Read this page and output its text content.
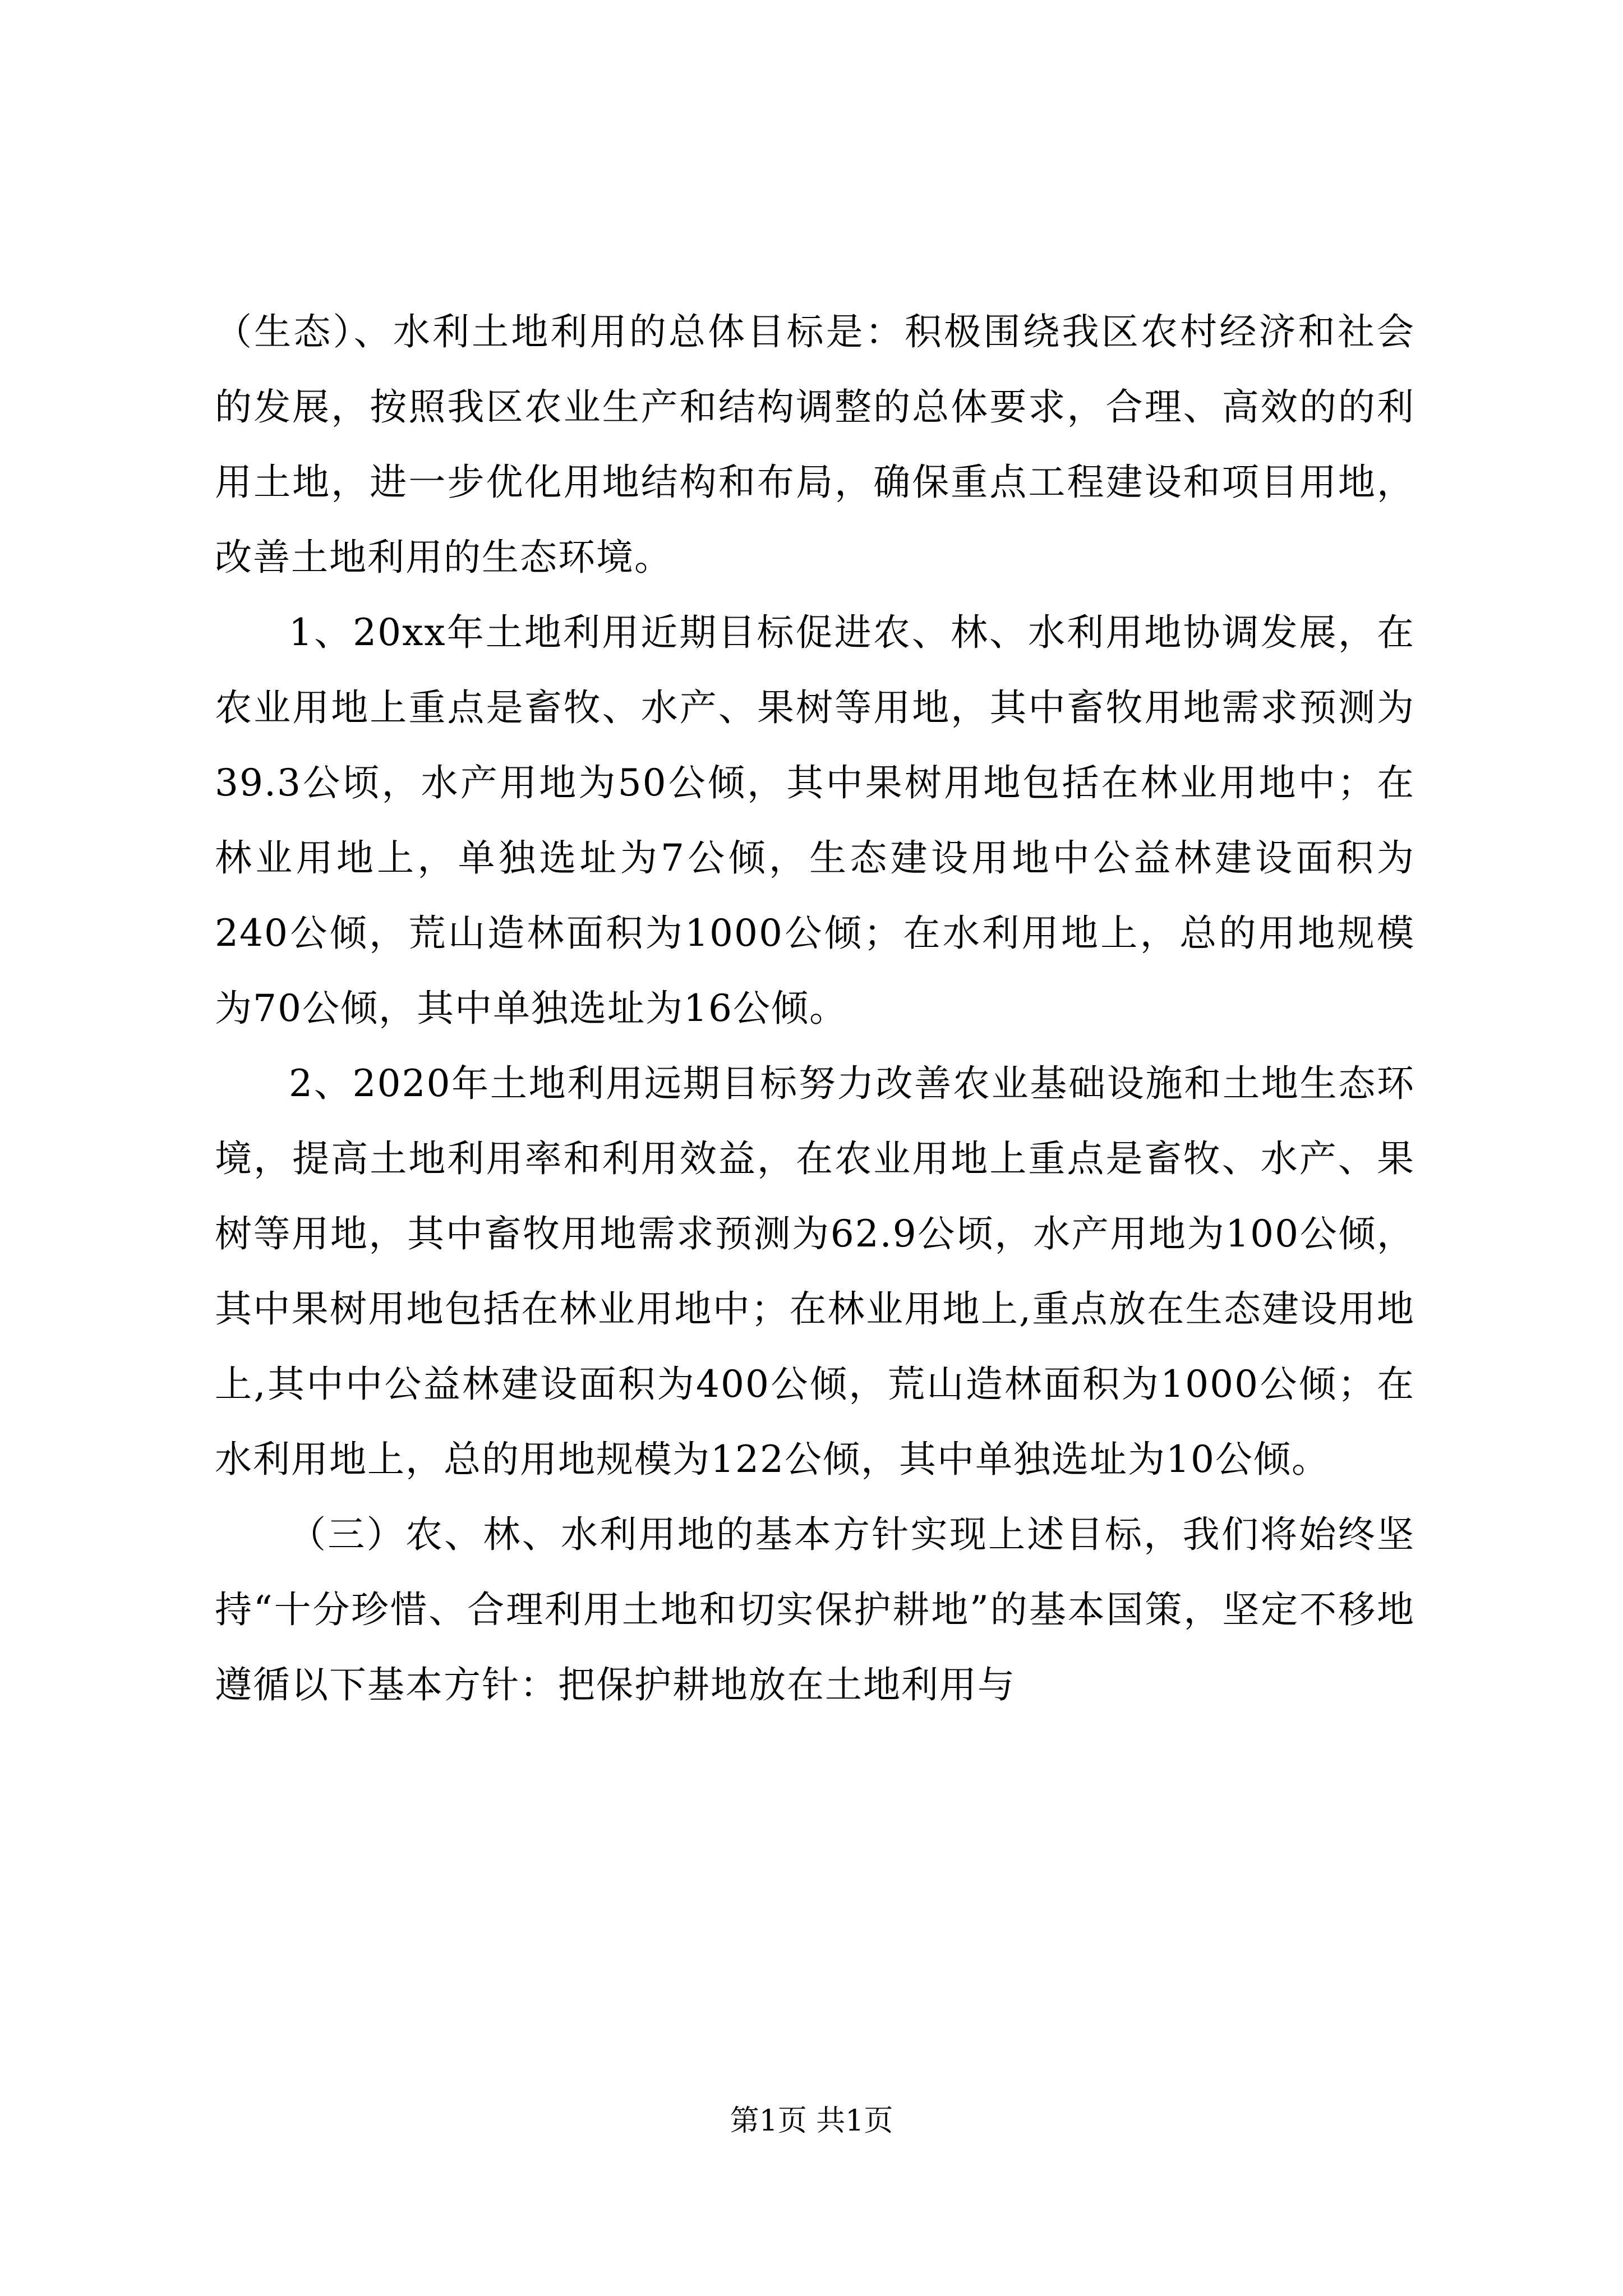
（生态）、水利土地利用的总体目标是：积极围绕我区农村经济和社会的发展，按照我区农业生产和结构调整的总体要求，合理、高效的的利用土地，进一步优化用地结构和布局，确保重点工程建设和项目用地，改善土地利用的生态环境。

1、20xx年土地利用近期目标促进农、林、水利用地协调发展，在农业用地上重点是畜牧、水产、果树等用地，其中畜牧用地需求预测为39.3公顷，水产用地为50公倾，其中果树用地包括在林业用地中；在林业用地上，单独选址为7公倾，生态建设用地中公益林建设面积为240公倾，荒山造林面积为1000公倾；在水利用地上，总的用地规模为70公倾，其中单独选址为16公倾。

2、2020年土地利用远期目标努力改善农业基础设施和土地生态环境，提高土地利用率和利用效益，在农业用地上重点是畜牧、水产、果树等用地，其中畜牧用地需求预测为62.9公顷，水产用地为100公倾，其中果树用地包括在林业用地中；在林业用地上,重点放在生态建设用地上,其中中公益林建设面积为400公倾，荒山造林面积为1000公倾；在水利用地上，总的用地规模为122公倾，其中单独选址为10公倾。

（三）农、林、水利用地的基本方针实现上述目标，我们将始终坚持“十分珍惜、合理利用土地和切实保护耕地”的基本国策，坚定不移地遵循以下基本方针：把保护耕地放在土地利用与

第1页 共1页
